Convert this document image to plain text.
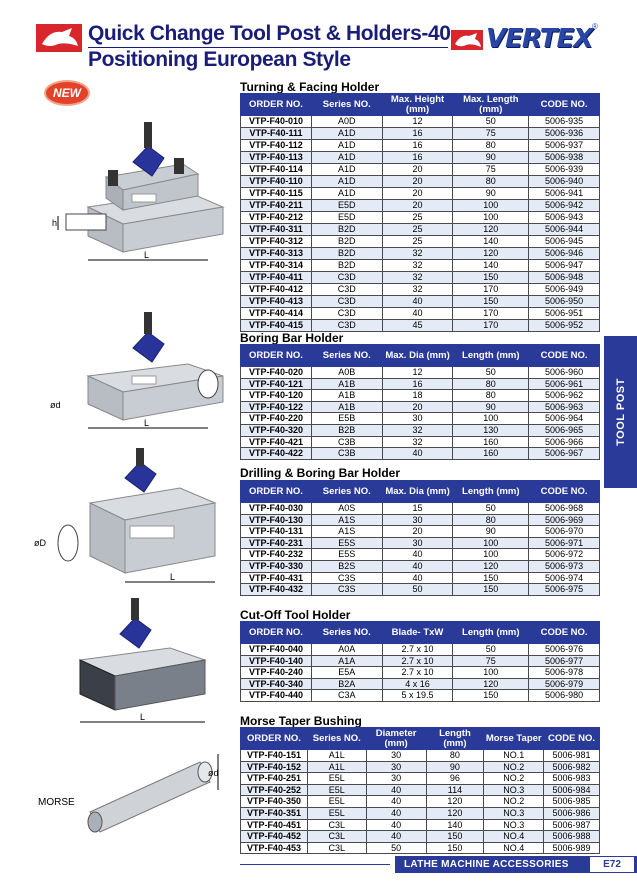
Quick Change Tool Post & Holders-40
Positioning European Style
VERTEX ®
NEW
TOOL POST
h
L
ød
L
øD
L
L
ød
MORSE
Turning & Facing Holder
ORDER NO.	Series NO.	Max. Height (mm)	Max. Length (mm)	CODE NO.
VTP-F40-010	A0D	12	50	5006-935
VTP-F40-111	A1D	16	75	5006-936
VTP-F40-112	A1D	16	80	5006-937
VTP-F40-113	A1D	16	90	5006-938
VTP-F40-114	A1D	20	75	5006-939
VTP-F40-110	A1D	20	80	5006-940
VTP-F40-115	A1D	20	90	5006-941
VTP-F40-211	E5D	20	100	5006-942
VTP-F40-212	E5D	25	100	5006-943
VTP-F40-311	B2D	25	120	5006-944
VTP-F40-312	B2D	25	140	5006-945
VTP-F40-313	B2D	32	120	5006-946
VTP-F40-314	B2D	32	140	5006-947
VTP-F40-411	C3D	32	150	5006-948
VTP-F40-412	C3D	32	170	5006-949
VTP-F40-413	C3D	40	150	5006-950
VTP-F40-414	C3D	40	170	5006-951
VTP-F40-415	C3D	45	170	5006-952
Boring Bar Holder
ORDER NO.	Series NO.	Max. Dia (mm)	Length (mm)	CODE NO.
VTP-F40-020	A0B	12	50	5006-960
VTP-F40-121	A1B	16	80	5006-961
VTP-F40-120	A1B	18	80	5006-962
VTP-F40-122	A1B	20	90	5006-963
VTP-F40-220	E5B	30	100	5006-964
VTP-F40-320	B2B	32	130	5006-965
VTP-F40-421	C3B	32	160	5006-966
VTP-F40-422	C3B	40	160	5006-967
Drilling & Boring Bar Holder
ORDER NO.	Series NO.	Max. Dia (mm)	Length (mm)	CODE NO.
VTP-F40-030	A0S	15	50	5006-968
VTP-F40-130	A1S	30	80	5006-969
VTP-F40-131	A1S	20	90	5006-970
VTP-F40-231	E5S	30	100	5006-971
VTP-F40-232	E5S	40	100	5006-972
VTP-F40-330	B2S	40	120	5006-973
VTP-F40-431	C3S	40	150	5006-974
VTP-F40-432	C3S	50	150	5006-975
Cut-Off Tool Holder
ORDER NO.	Series NO.	Blade- TxW	Length (mm)	CODE NO.
VTP-F40-040	A0A	2.7 x 10	50	5006-976
VTP-F40-140	A1A	2.7 x 10	75	5006-977
VTP-F40-240	E5A	2.7 x 10	100	5006-978
VTP-F40-340	B2A	4 x 16	120	5006-979
VTP-F40-440	C3A	5 x 19.5	150	5006-980
Morse Taper Bushing
ORDER NO.	Series NO.	Diameter (mm)	Length (mm)	Morse Taper	CODE NO.
VTP-F40-151	A1L	30	80	NO.1	5006-981
VTP-F40-152	A1L	30	90	NO.2	5006-982
VTP-F40-251	E5L	30	96	NO.2	5006-983
VTP-F40-252	E5L	40	114	NO.3	5006-984
VTP-F40-350	E5L	40	120	NO.2	5006-985
VTP-F40-351	E5L	40	120	NO.3	5006-986
VTP-F40-451	C3L	40	140	NO.3	5006-987
VTP-F40-452	C3L	40	150	NO.4	5006-988
VTP-F40-453	C3L	50	150	NO.4	5006-989
LATHE MACHINE ACCESSORIES	E72
